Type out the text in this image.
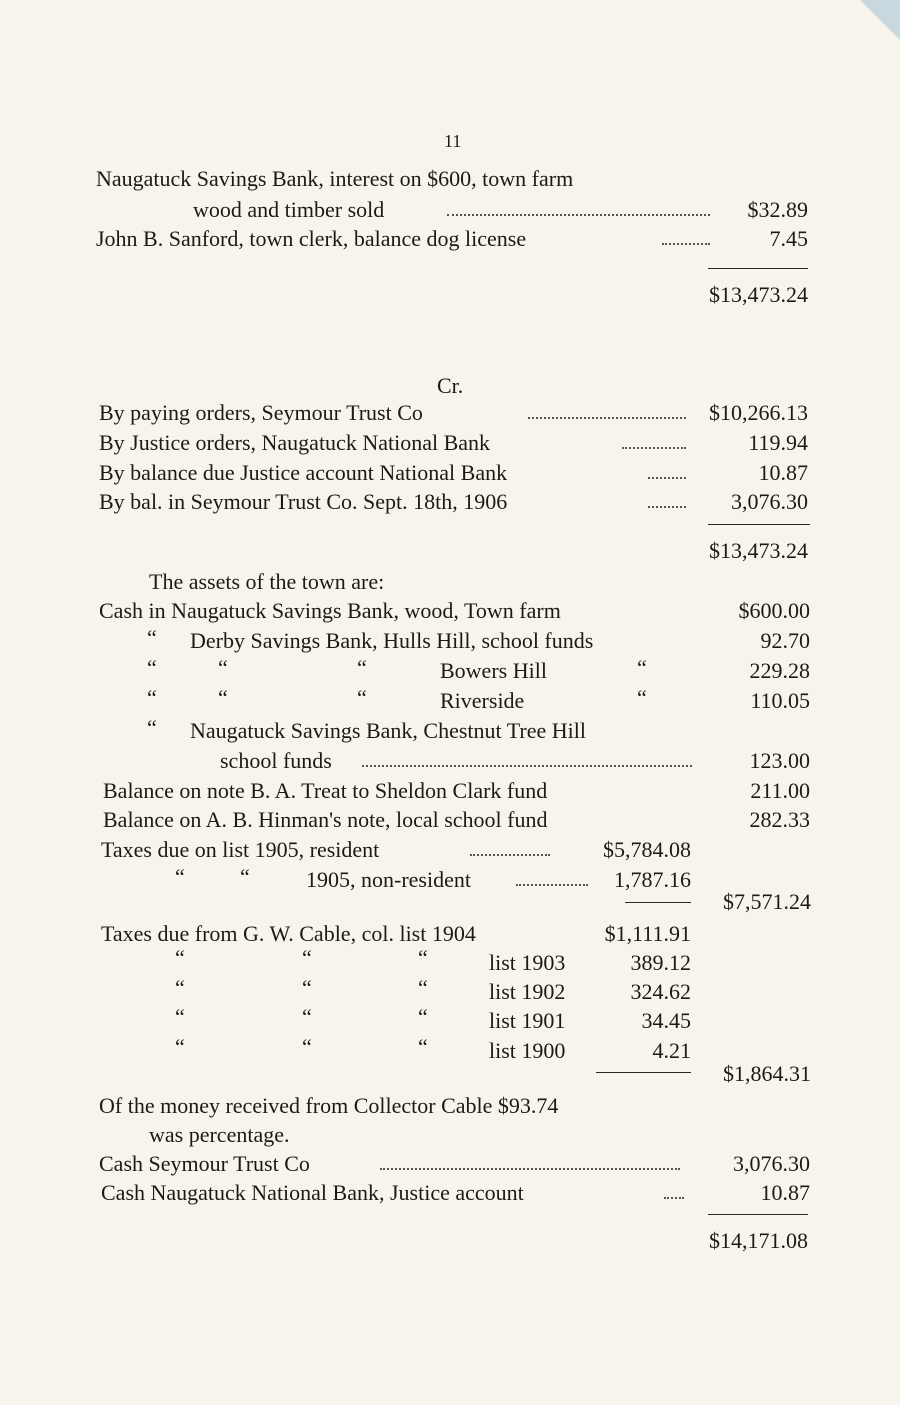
11
Naugatuck Savings Bank, interest on $600, town farm
wood and timber sold	$32.89
John B. Sanford, town clerk, balance dog license	7.45
$13,473.24
Cr.
By paying orders, Seymour Trust Co	$10,266.13
By Justice orders, Naugatuck National Bank	119.94
By balance due Justice account National Bank	10.87
By bal. in Seymour Trust Co. Sept. 18th, 1906	3,076.30
$13,473.24
The assets of the town are:
Cash in Naugatuck Savings Bank, wood, Town farm	$600.00
“ Derby Savings Bank, Hulls Hill, school funds	92.70
“	“	“	Bowers Hill	“	229.28
“	“	“	Riverside	“	110.05
“ Naugatuck Savings Bank, Chestnut Tree Hill
school funds	123.00
Balance on note B. A. Treat to Sheldon Clark fund	211.00
Balance on A. B. Hinman's note, local school fund	282.33
Taxes due on list 1905, resident	$5,784.08
“	“	1905, non-resident	1,787.16
$7,571.24
Taxes due from G. W. Cable, col. list 1904	$1,111.91
“	“	“	list 1903	389.12
“	“	“	list 1902	324.62
“	“	“	list 1901	34.45
“	“	“	list 1900	4.21
$1,864.31
Of the money received from Collector Cable $93.74
was percentage.
Cash Seymour Trust Co	3,076.30
Cash Naugatuck National Bank, Justice account	10.87
$14,171.08
